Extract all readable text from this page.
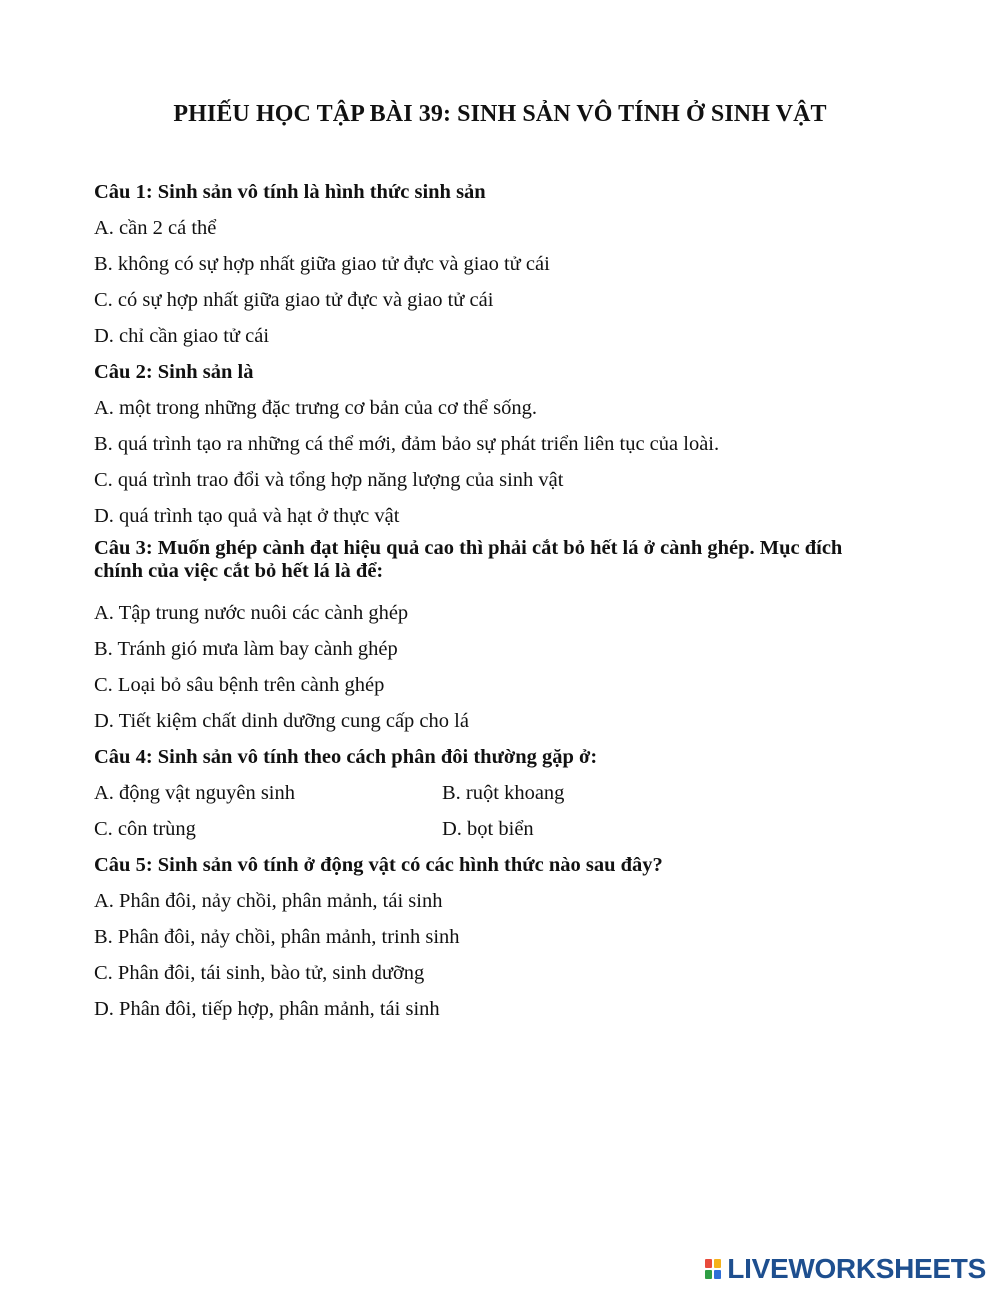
PHIẾU HỌC TẬP BÀI 39: SINH SẢN VÔ TÍNH Ở SINH VẬT
Câu 1: Sinh sản vô tính là hình thức sinh sản
A. cần 2 cá thể
B. không có sự hợp nhất giữa giao tử đực và giao tử cái
C. có sự hợp nhất giữa giao tử đực và giao tử cái
D. chỉ cần giao tử cái
Câu 2: Sinh sản là
A. một trong những đặc trưng cơ bản của cơ thể sống.
B. quá trình tạo ra những cá thể mới, đảm bảo sự phát triển liên tục của loài.
C. quá trình trao đổi và tổng hợp năng lượng của sinh vật
D. quá trình tạo quả và hạt ở thực vật
Câu 3: Muốn ghép cành đạt hiệu quả cao thì phải cắt bỏ hết lá ở cành ghép. Mục đích chính của việc cắt bỏ hết lá là để:
A. Tập trung nước nuôi các cành ghép
B. Tránh gió mưa làm bay cành ghép
C. Loại bỏ sâu bệnh trên cành ghép
D. Tiết kiệm chất dinh dưỡng cung cấp cho lá
Câu 4: Sinh sản vô tính theo cách phân đôi thường gặp ở:
A. động vật nguyên sinh	B. ruột khoang
C. côn trùng	D. bọt biển
Câu 5: Sinh sản vô tính ở động vật có các hình thức nào sau đây?
A. Phân đôi, nảy chồi, phân mảnh, tái sinh
B. Phân đôi, nảy chồi, phân mảnh, trinh sinh
C. Phân đôi, tái sinh, bào tử, sinh dưỡng
D. Phân đôi, tiếp hợp, phân mảnh, tái sinh
LIVEWORKSHEETS
